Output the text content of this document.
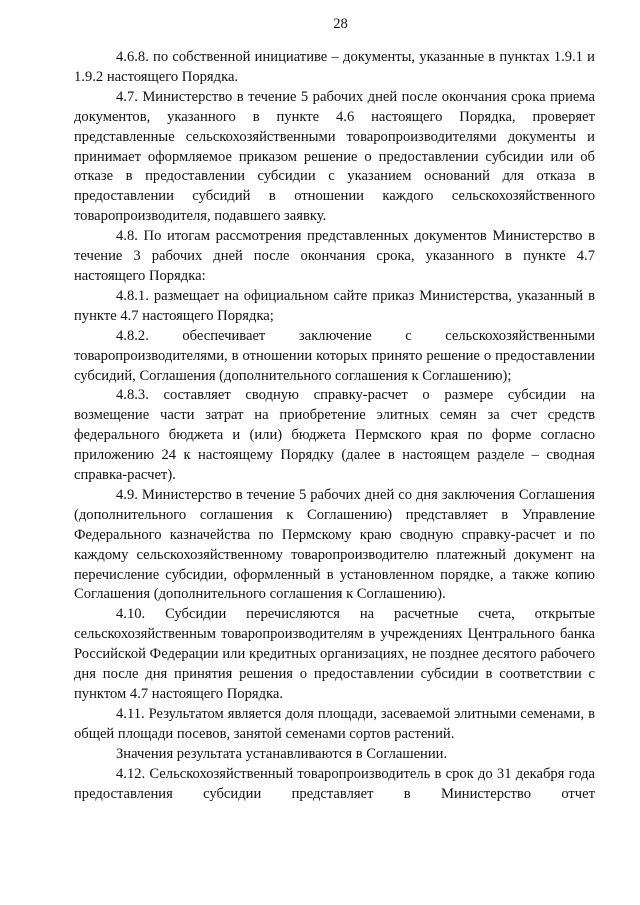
28

4.6.8. по собственной инициативе – документы, указанные в пунктах 1.9.1 и 1.9.2 настоящего Порядка.

4.7. Министерство в течение 5 рабочих дней после окончания срока приема документов, указанного в пункте 4.6 настоящего Порядка, проверяет представленные сельскохозяйственными товаропроизводителями документы и принимает оформляемое приказом решение о предоставлении субсидии или об отказе в предоставлении субсидии с указанием оснований для отказа в предоставлении субсидий в отношении каждого сельскохозяйственного товаропроизводителя, подавшего заявку.

4.8. По итогам рассмотрения представленных документов Министерство в течение 3 рабочих дней после окончания срока, указанного в пункте 4.7 настоящего Порядка:

4.8.1. размещает на официальном сайте приказ Министерства, указанный в пункте 4.7 настоящего Порядка;

4.8.2. обеспечивает заключение с сельскохозяйственными товаропроизводителями, в отношении которых принято решение о предоставлении субсидий, Соглашения (дополнительного соглашения к Соглашению);

4.8.3. составляет сводную справку-расчет о размере субсидии на возмещение части затрат на приобретение элитных семян за счет средств федерального бюджета и (или) бюджета Пермского края по форме согласно приложению 24 к настоящему Порядку (далее в настоящем разделе – сводная справка-расчет).

4.9. Министерство в течение 5 рабочих дней со дня заключения Соглашения (дополнительного соглашения к Соглашению) представляет в Управление Федерального казначейства по Пермскому краю сводную справку-расчет и по каждому сельскохозяйственному товаропроизводителю платежный документ на перечисление субсидии, оформленный в установленном порядке, а также копию Соглашения (дополнительного соглашения к Соглашению).

4.10. Субсидии перечисляются на расчетные счета, открытые сельскохозяйственным товаропроизводителям в учреждениях Центрального банка Российской Федерации или кредитных организациях, не позднее десятого рабочего дня после дня принятия решения о предоставлении субсидии в соответствии с пунктом 4.7 настоящего Порядка.

4.11. Результатом является доля площади, засеваемой элитными семенами, в общей площади посевов, занятой семенами сортов растений.

Значения результата устанавливаются в Соглашении.

4.12. Сельскохозяйственный товаропроизводитель в срок до 31 декабря года предоставления субсидии представляет в Министерство отчет
